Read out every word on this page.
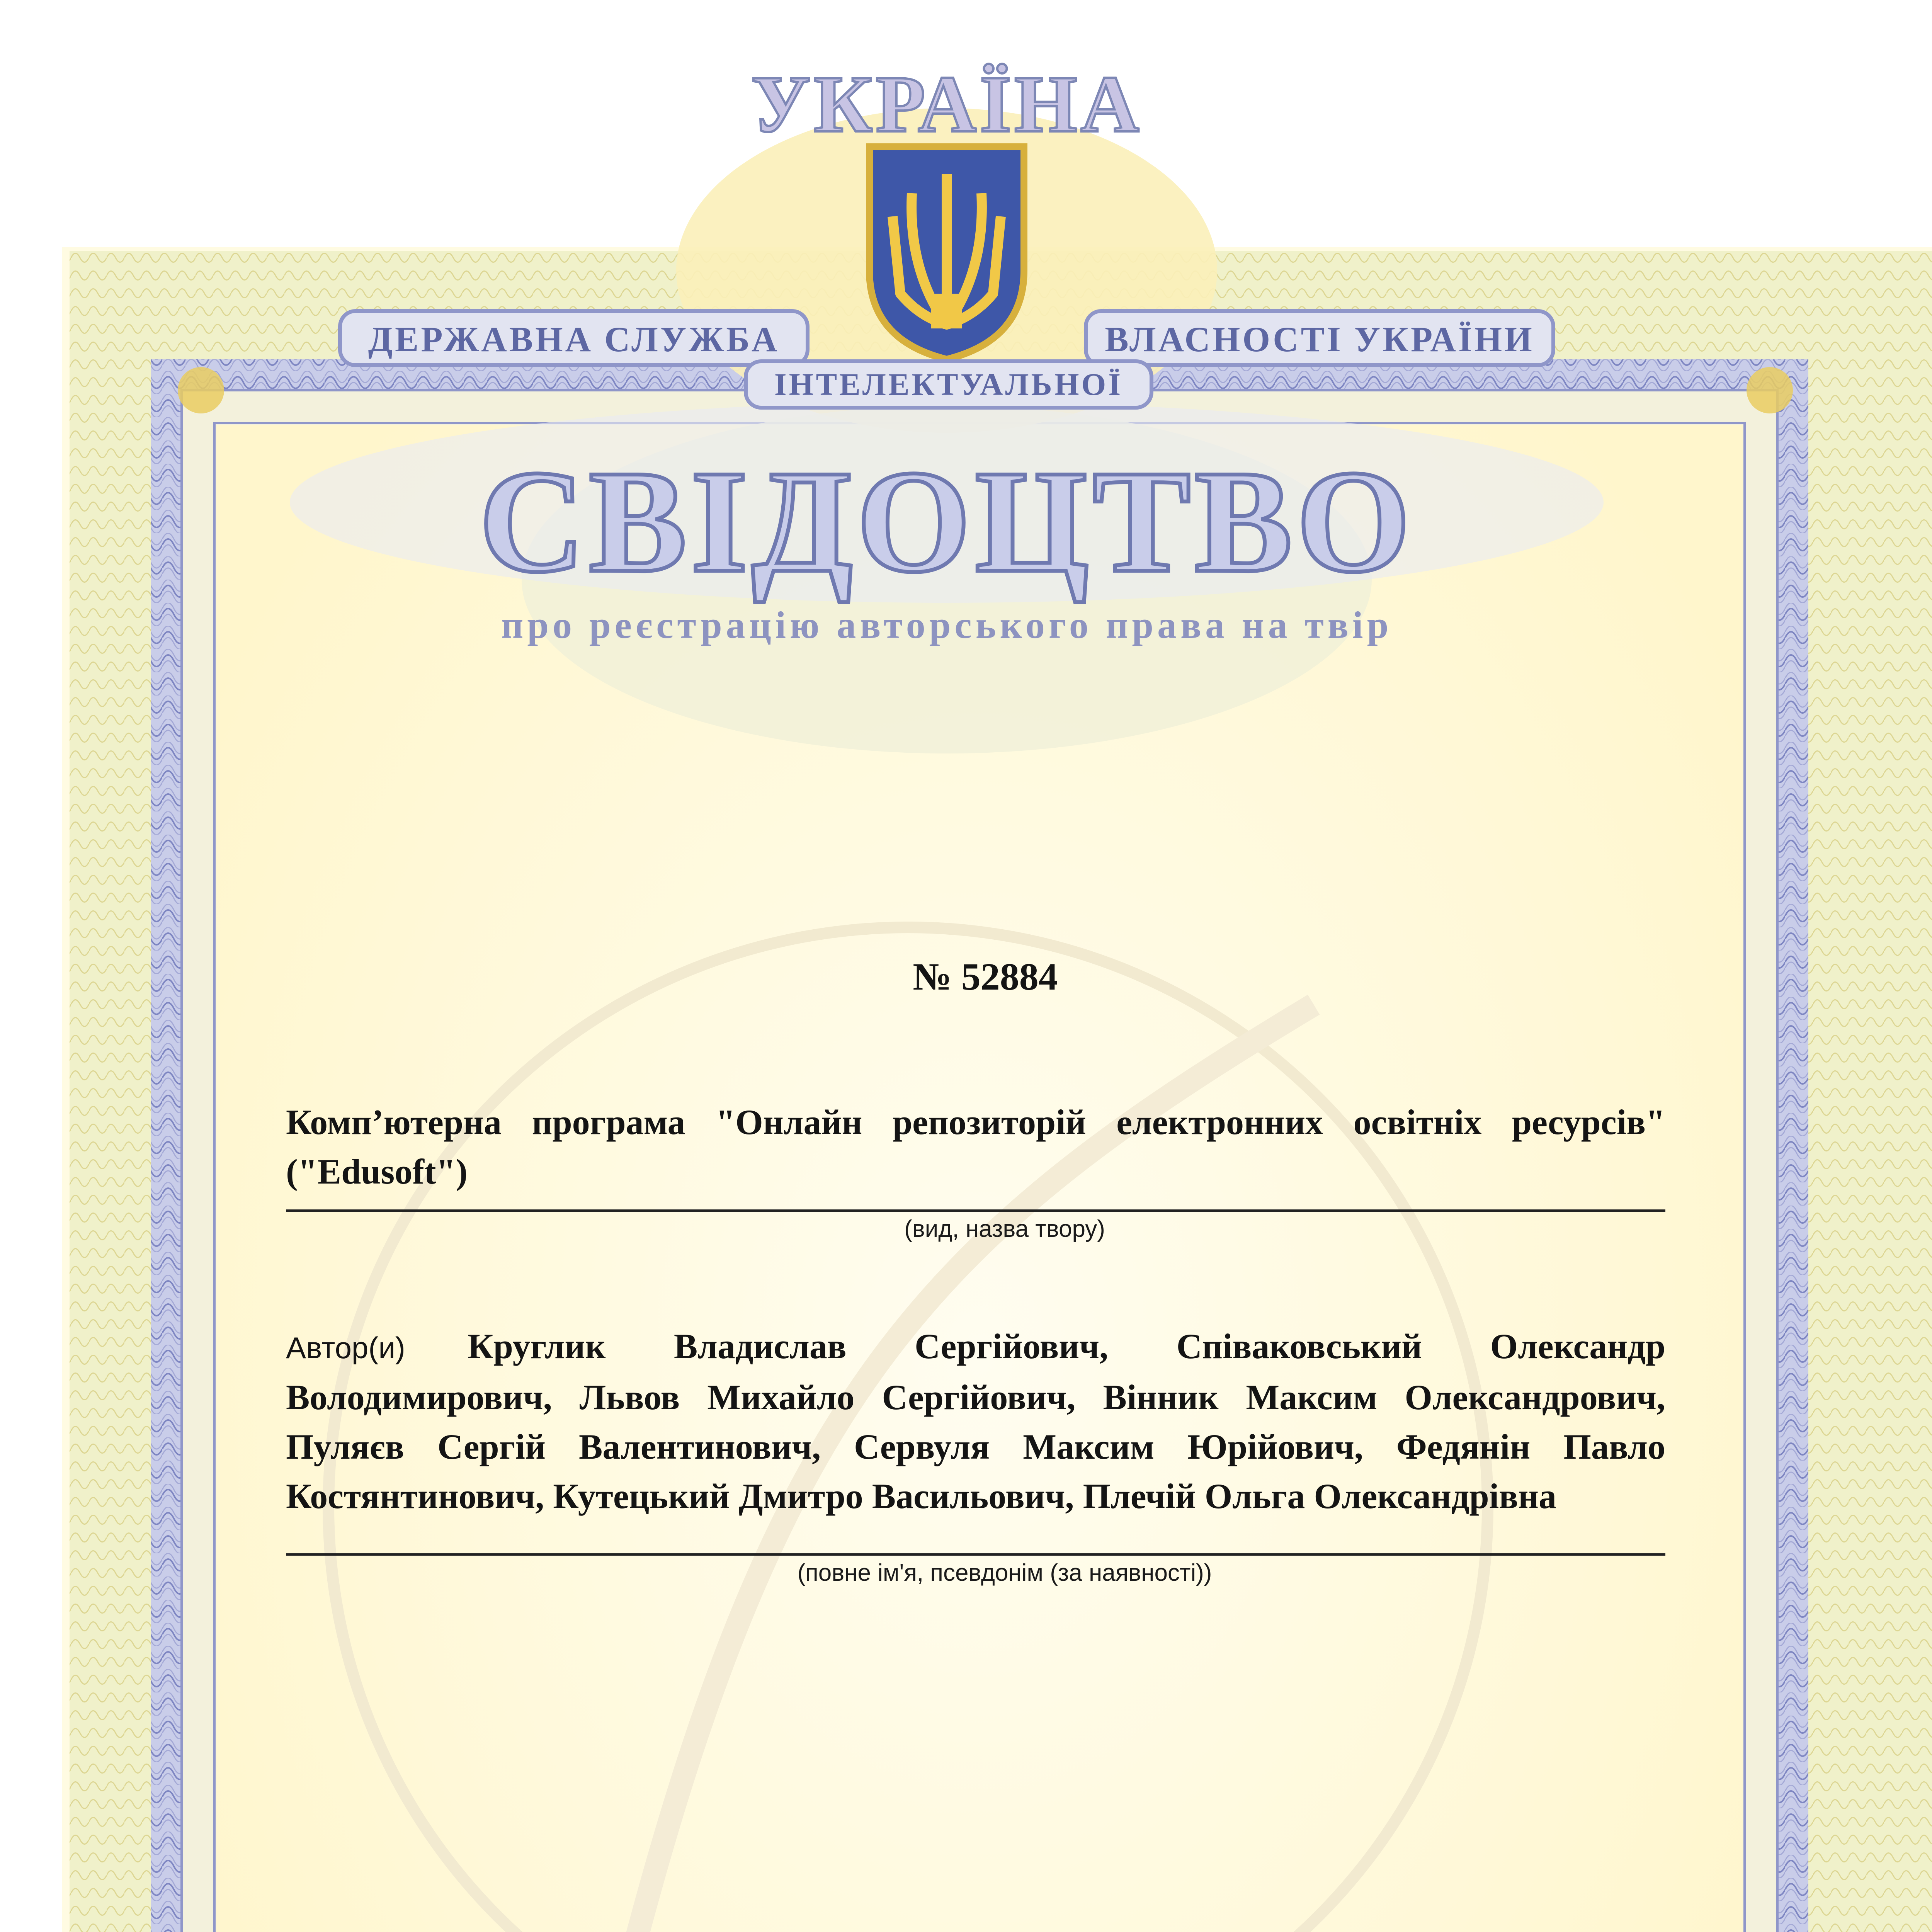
УКРАЇНА
ДЕРЖАВНА СЛУЖБА	ВЛАСНОСТІ УКРАЇНИ
ІНТЕЛЕКТУАЛЬНОЇ
СВІДОЦТВО
про реєстрацію авторського права на твір
№ 52884
Комп’ютерна програма "Онлайн репозиторій електронних освітніх ресурсів" ("Edusoft")
(вид, назва твору)
Автор(и) Круглик Владислав Сергійович, Співаковський Олександр Володимирович, Львов Михайло Сергійович, Вінник Максим Олександрович, Пуляєв Сергій Валентинович, Сервуля Максим Юрійович, Федянін Павло Костянтинович, Кутецький Дмитро Васильович, Плечій Ольга Олександрівна
(повне ім'я, псевдонім (за наявності))
